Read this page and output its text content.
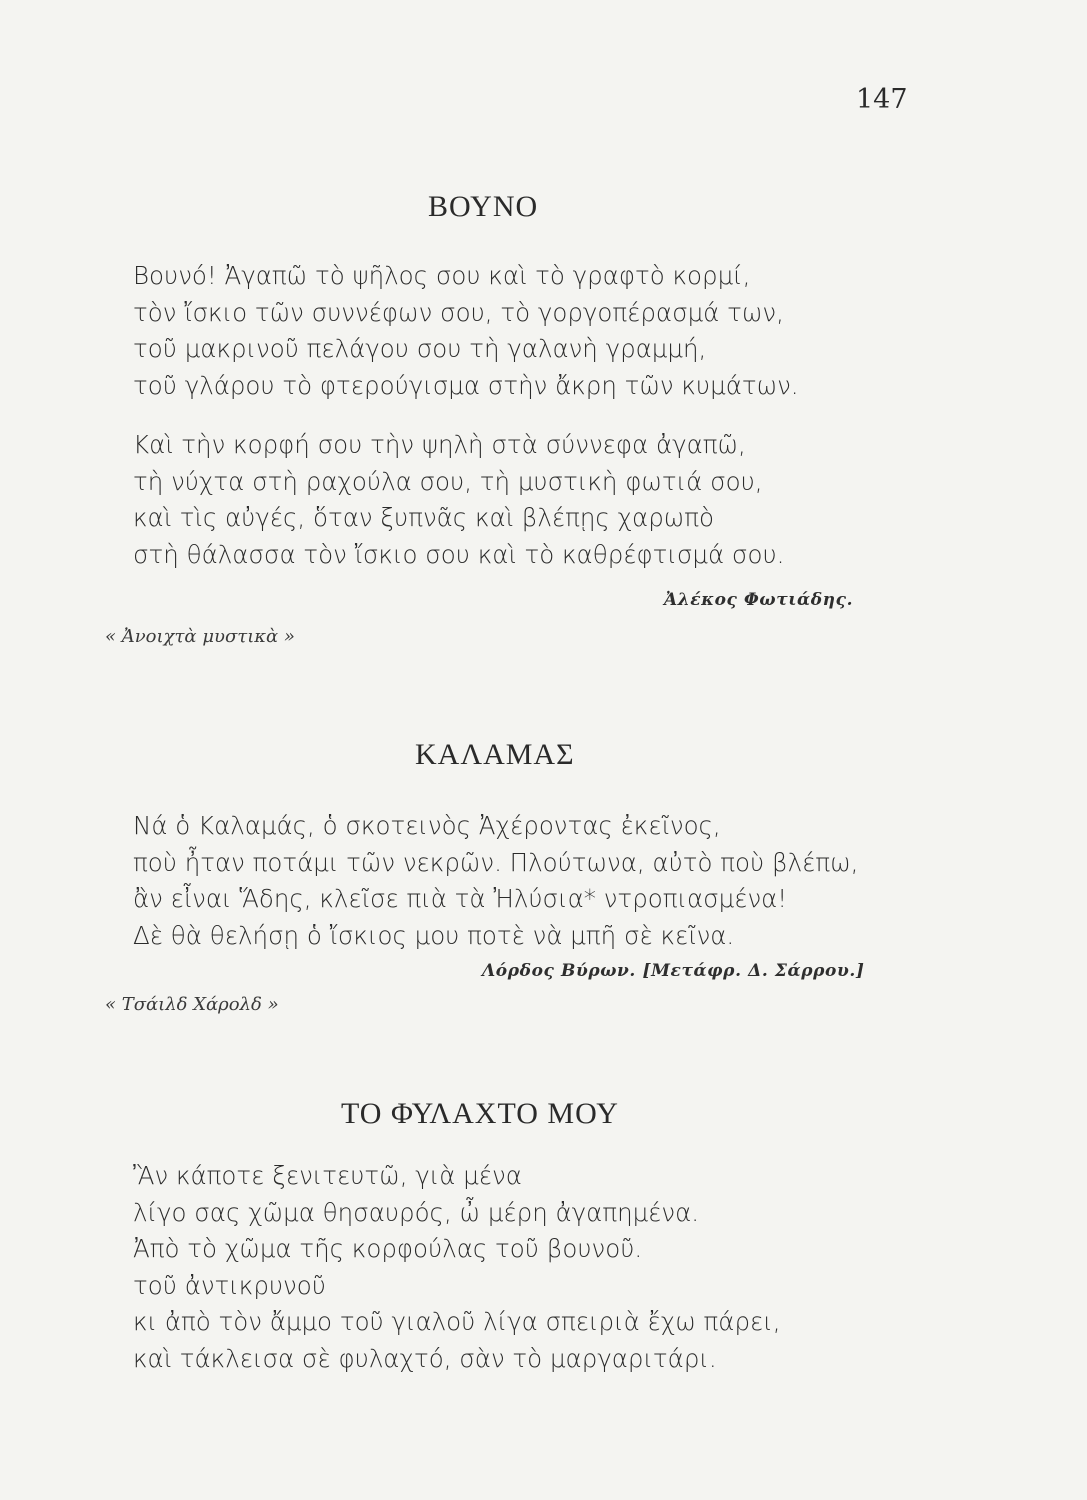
147
ΒΟΥΝΟ
Βουνό! Ἀγαπῶ τὸ ψῆλος σου καὶ τὸ γραφτὸ κορμί,
τὸν ἴσκιο τῶν συννέφων σου, τὸ γοργοπέρασμά των,
τοῦ μακρινοῦ πελάγου σου τὴ γαλανὴ γραμμή,
τοῦ γλάρου τὸ φτερούγισμα στὴν ἄκρη τῶν κυμάτων.
Καὶ τὴν κορφή σου τὴν ψηλὴ στὰ σύννεφα ἀγαπῶ,
τὴ νύχτα στὴ ραχούλα σου, τὴ μυστικὴ φωτιά σου,
καὶ τὶς αὐγές, ὅταν ξυπνᾶς καὶ βλέπῃς χαρωπὸ
στὴ θάλασσα τὸν ἴσκιο σου καὶ τὸ καθρέφτισμά σου.
Ἀλέκος Φωτιάδης.
« Ἀνοιχτὰ μυστικὰ »
ΚΑΛΑΜΑΣ
Νά ὁ Καλαμάς, ὁ σκοτεινὸς Ἀχέροντας ἐκεῖνος,
ποὺ ἦταν ποτάμι τῶν νεκρῶν. Πλούτωνα, αὐτὸ ποὺ βλέπω,
ἂν εἶναι Ἅδης, κλεῖσε πιὰ τὰ Ἠλύσια* ντροπιασμένα!
Δὲ θὰ θελήσῃ ὁ ἴσκιος μου ποτὲ νὰ μπῆ σὲ κεῖνα.
Λόρδος Βύρων. [Μετάφρ. Δ. Σάρρου.]
« Τσάιλδ Χάρολδ »
ΤΟ ΦΥΛΑΧΤΟ ΜΟΥ
Ἂν κάποτε ξενιτευτῶ, γιὰ μένα
λίγο σας χῶμα θησαυρός, ὦ μέρη ἀγαπημένα.
Ἀπὸ τὸ χῶμα τῆς κορφούλας τοῦ βουνοῦ.
τοῦ ἀντικρυνοῦ
κι ἀπὸ τὸν ἄμμο τοῦ γιαλοῦ λίγα σπειριὰ ἔχω πάρει,
καὶ τάκλεισα σὲ φυλαχτό, σὰν τὸ μαργαριτάρι.
